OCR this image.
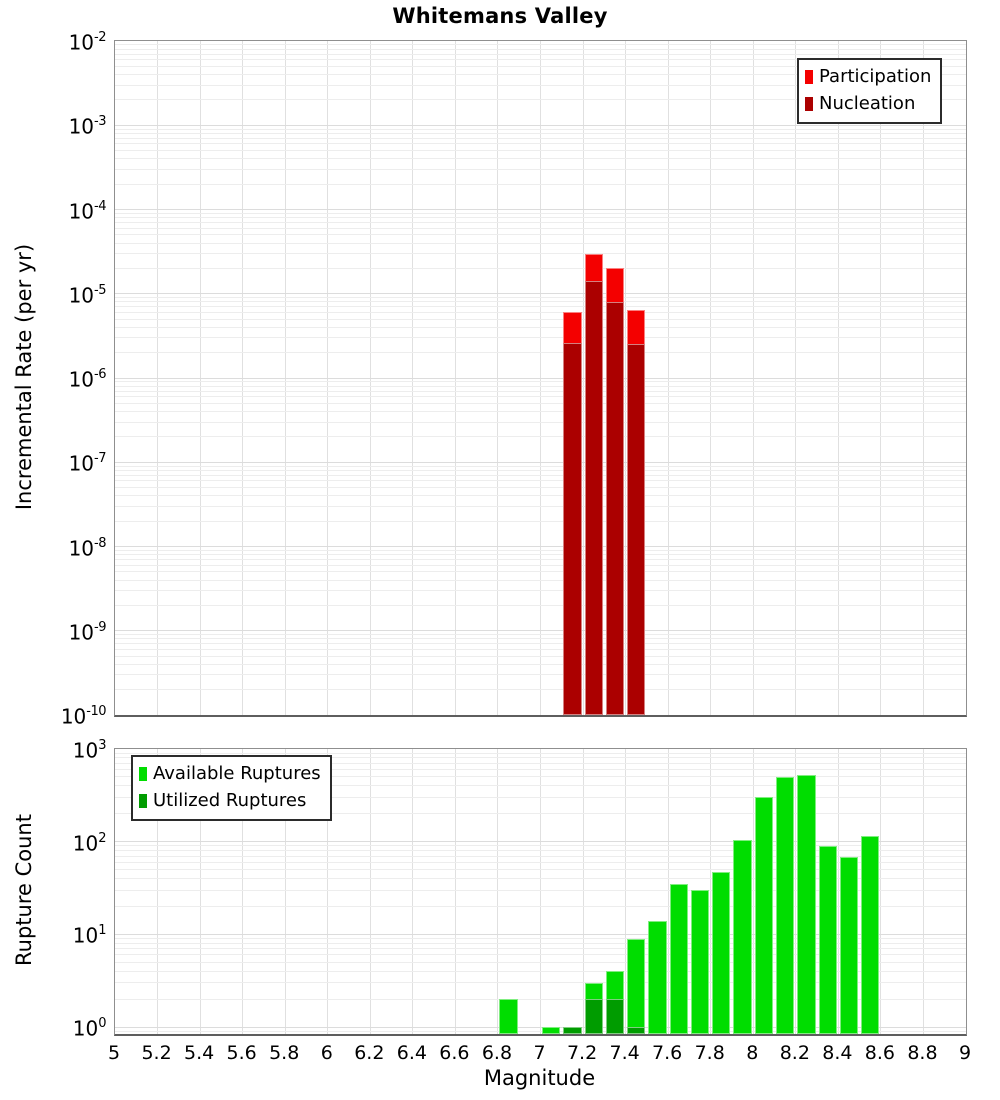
Whitemans Valley
Incremental Rate (per yr)
Rupture Count
Magnitude
Participation
Nucleation
Available Ruptures
Utilized Ruptures
$10^{-2}$
$10^{-3}$
$10^{-4}$
$10^{-5}$
$10^{-6}$
$10^{-7}$
$10^{-8}$
$10^{-9}$
$10^{-10}$
$10^3$
$10^2$
$10^1$
$10^0$
5	5.2 5.4 5.6 5.8	6	6.2 6.4 6.6 6.8	7	7.2 7.4 7.6 7.8	8	8.2 8.4 8.6 8.8	9
